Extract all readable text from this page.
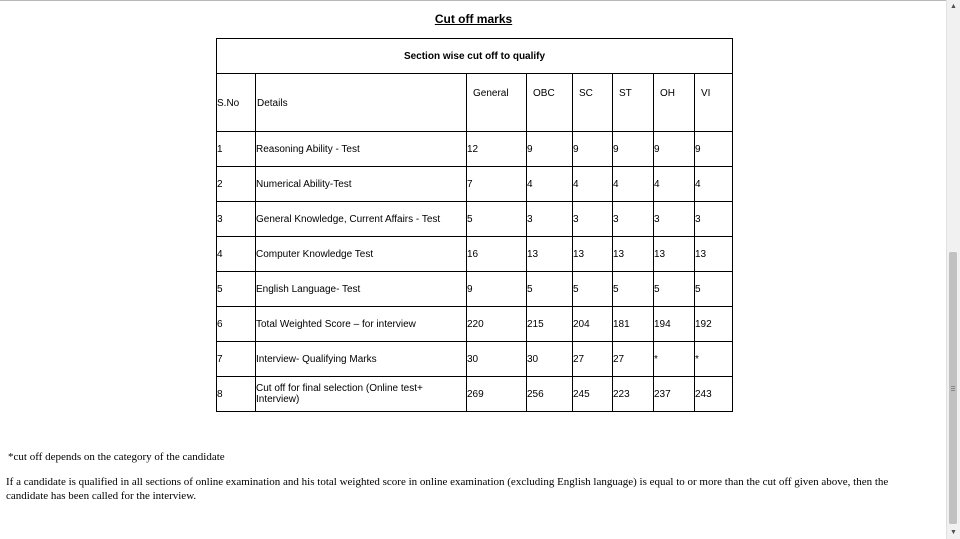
Cut off marks
Section wise cut off to qualify							

S.No	Details	General	OBC	SC	ST	OH	VI

1	Reasoning Ability - Test	12	9	9	9	9	9
2	Numerical Ability-Test	7	4	4	4	4	4
3	General Knowledge, Current Affairs - Test	5	3	3	3	3	3
4	Computer Knowledge Test	16	13	13	13	13	13
5	English Language- Test	9	5	5	5	5	5
6	Total Weighted Score – for interview	220	215	204	181	194	192
7	Interview- Qualifying Marks	30	30	27	27	*	*
8	Cut off for final selection (Online test+ Interview)	269	256	245	223	237	243
*cut off depends on the category of the candidate
If a candidate is qualified in all sections of online examination and his total weighted score in online examination (excluding English language) is equal to or more than the cut off given above, then the candidate has been called for the interview.
▲
▼
